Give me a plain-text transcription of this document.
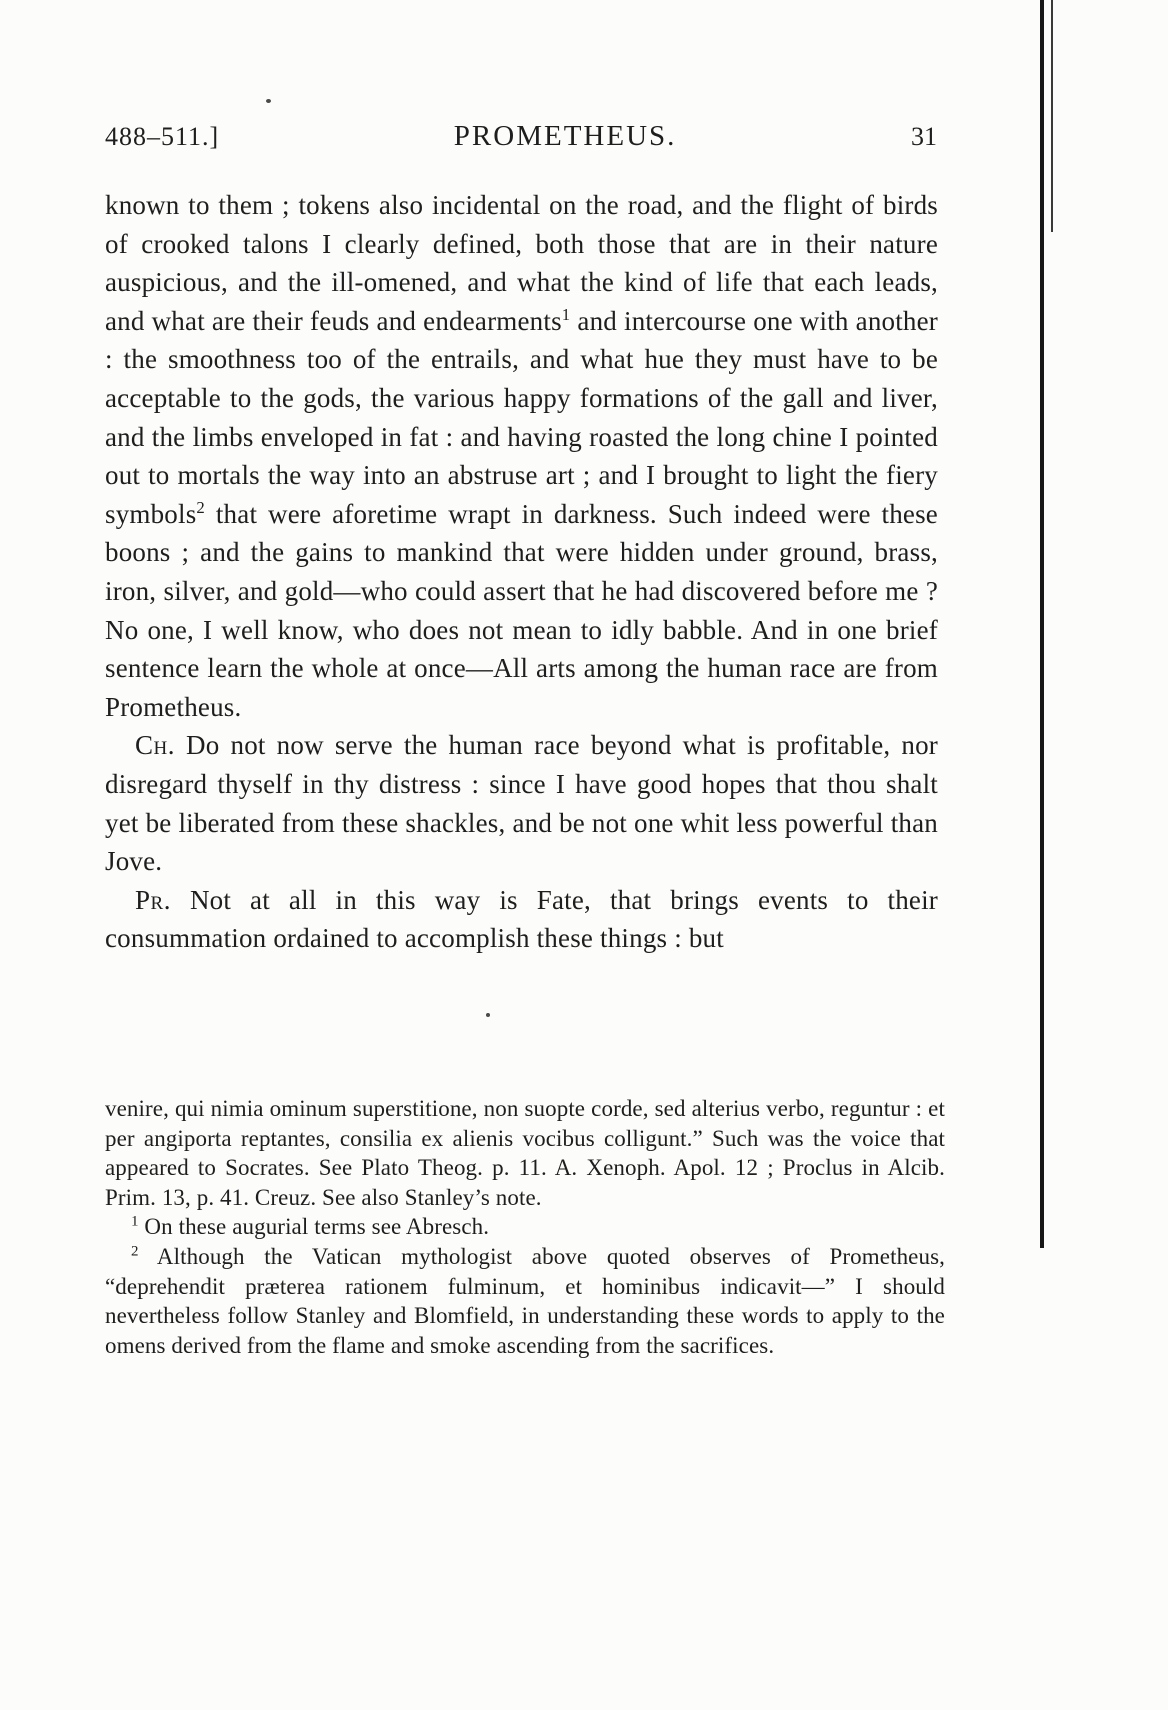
488–511.]	PROMETHEUS.	31

known to them ; tokens also incidental on the road, and the flight of birds of crooked talons I clearly defined, both those that are in their nature auspicious, and the ill-omened, and what the kind of life that each leads, and what are their feuds and endearments$^1$ and intercourse one with another : the smoothness too of the entrails, and what hue they must have to be acceptable to the gods, the various happy formations of the gall and liver, and the limbs enveloped in fat : and having roasted the long chine I pointed out to mortals the way into an abstruse art ; and I brought to light the fiery symbols$^2$ that were aforetime wrapt in darkness. Such indeed were these boons ; and the gains to mankind that were hidden under ground, brass, iron, silver, and gold—who could assert that he had discovered before me ? No one, I well know, who does not mean to idly babble. And in one brief sentence learn the whole at once—All arts among the human race are from Prometheus.

Ch. Do not now serve the human race beyond what is profitable, nor disregard thyself in thy distress : since I have good hopes that thou shalt yet be liberated from these shackles, and be not one whit less powerful than Jove.

Pr. Not at all in this way is Fate, that brings events to their consummation ordained to accomplish these things : but

venire, qui nimia ominum superstitione, non suopte corde, sed alterius verbo, reguntur : et per angiporta reptantes, consilia ex alienis vocibus colligunt.” Such was the voice that appeared to Socrates. See Plato Theog. p. 11. A. Xenoph. Apol. 12 ; Proclus in Alcib. Prim. 13, p. 41. Creuz. See also Stanley’s note.

$^1$ On these augurial terms see Abresch.

$^2$ Although the Vatican mythologist above quoted observes of Prometheus, “deprehendit præterea rationem fulminum, et hominibus indicavit—” I should nevertheless follow Stanley and Blomfield, in understanding these words to apply to the omens derived from the flame and smoke ascending from the sacrifices.
